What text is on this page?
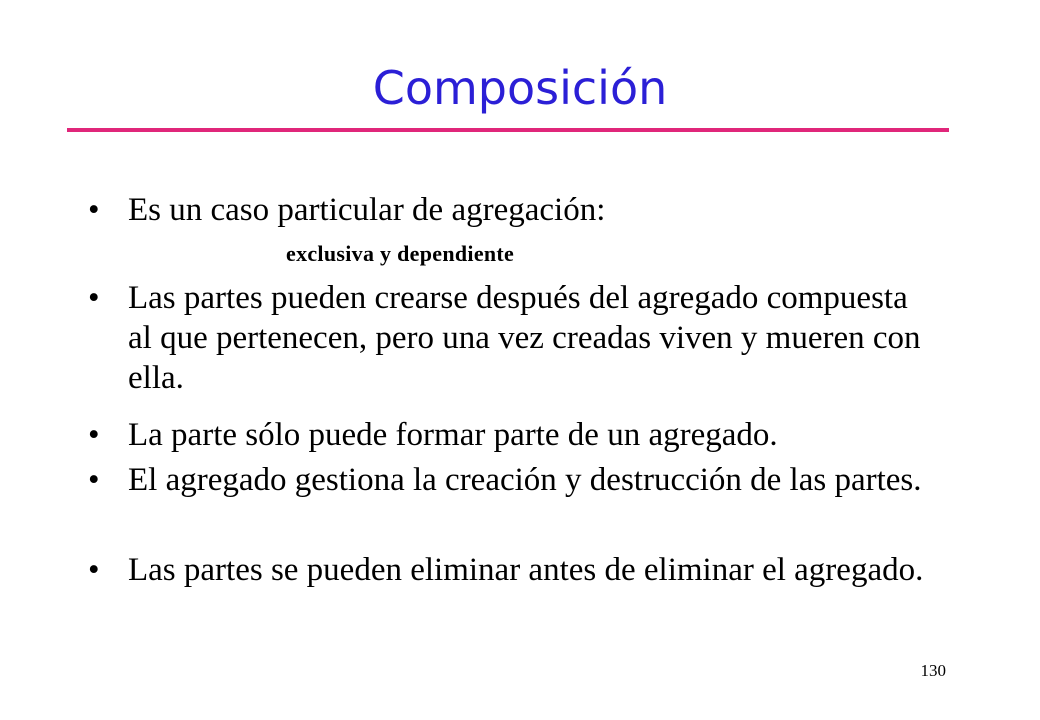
Composición
• Es un caso particular de agregación:
exclusiva y dependiente
• Las partes pueden crearse después del agregado compuesta al que pertenecen, pero una vez creadas viven y mueren con ella.
• La parte sólo puede formar parte de un agregado.
• El agregado gestiona la creación y destrucción de las partes.
• Las partes se pueden eliminar antes de eliminar el agregado.
130
